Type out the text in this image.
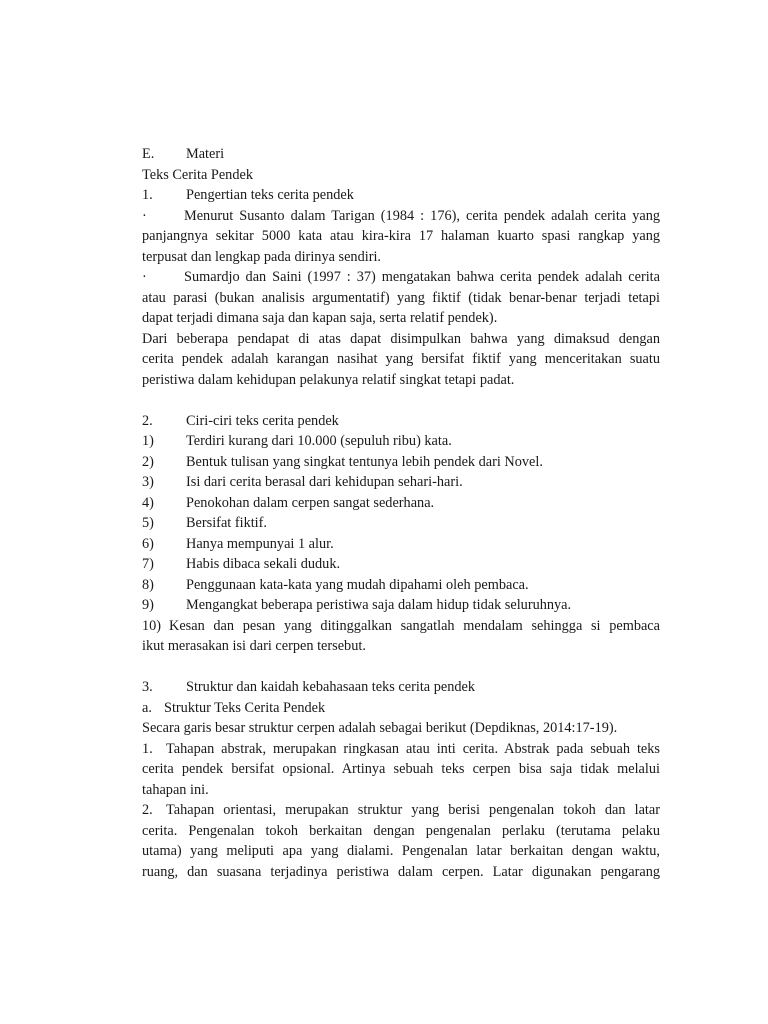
E. Materi
Teks Cerita Pendek
1. Pengertian teks cerita pendek
·	Menurut Susanto dalam Tarigan (1984 : 176), cerita pendek adalah cerita yang
panjangnya sekitar 5000 kata atau kira-kira 17 halaman kuarto spasi rangkap yang
terpusat dan lengkap pada dirinya sendiri.
·	Sumardjo dan Saini (1997 : 37) mengatakan bahwa cerita pendek adalah cerita
atau parasi (bukan analisis argumentatif) yang fiktif (tidak benar-benar terjadi tetapi
dapat terjadi dimana saja dan kapan saja, serta relatif pendek).
Dari beberapa pendapat di atas dapat disimpulkan bahwa yang dimaksud dengan
cerita pendek adalah karangan nasihat yang bersifat fiktif yang menceritakan suatu
peristiwa dalam kehidupan pelakunya relatif singkat tetapi padat.
2. Ciri-ciri teks cerita pendek
1) Terdiri kurang dari 10.000 (sepuluh ribu) kata.
2) Bentuk tulisan yang singkat tentunya lebih pendek dari Novel.
3) Isi dari cerita berasal dari kehidupan sehari-hari.
4) Penokohan dalam cerpen sangat sederhana.
5) Bersifat fiktif.
6) Hanya mempunyai 1 alur.
7) Habis dibaca sekali duduk.
8) Penggunaan kata-kata yang mudah dipahami oleh pembaca.
9) Mengangkat beberapa peristiwa saja dalam hidup tidak seluruhnya.
10) Kesan dan pesan yang ditinggalkan sangatlah mendalam sehingga si pembaca
ikut merasakan isi dari cerpen tersebut.
3. Struktur dan kaidah kebahasaan teks cerita pendek
a. Struktur Teks Cerita Pendek
Secara garis besar struktur cerpen adalah sebagai berikut (Depdiknas, 2014:17-19).
1. Tahapan abstrak, merupakan ringkasan atau inti cerita. Abstrak pada sebuah teks
cerita pendek bersifat opsional. Artinya sebuah teks cerpen bisa saja tidak melalui
tahapan ini.
2. Tahapan orientasi, merupakan struktur yang berisi pengenalan tokoh dan latar
cerita. Pengenalan tokoh berkaitan dengan pengenalan perlaku (terutama pelaku
utama) yang meliputi apa yang dialami. Pengenalan latar berkaitan dengan waktu,
ruang, dan suasana terjadinya peristiwa dalam cerpen. Latar digunakan pengarang
